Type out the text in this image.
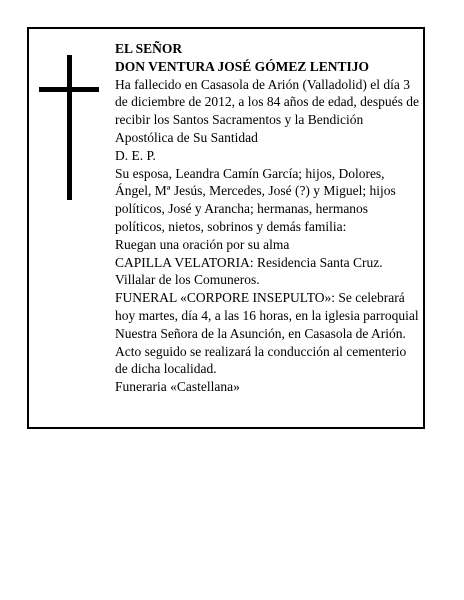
EL SEÑOR

DON VENTURA JOSÉ GÓMEZ LENTIJO

Ha fallecido en Casasola de Arión (Valladolid) el día 3 de diciembre de 2012, a los 84 años de edad, después de recibir los Santos Sacramentos y la Bendición Apostólica de Su Santidad

D. E. P.

Su esposa, Leandra Camín García; hijos, Dolores, Ángel, Mª Jesús, Mercedes, José (?) y Miguel; hijos políticos, José y Arancha; hermanas, hermanos políticos, nietos, sobrinos y demás familia:

Ruegan una oración por su alma

CAPILLA VELATORIA: Residencia Santa Cruz. Villalar de los Comuneros.

FUNERAL «CORPORE INSEPULTO»: Se celebrará hoy martes, día 4, a las 16 horas, en la iglesia parroquial Nuestra Señora de la Asunción, en Casasola de Arión. Acto seguido se realizará la conducción al cementerio de dicha localidad.

Funeraria «Castellana»
